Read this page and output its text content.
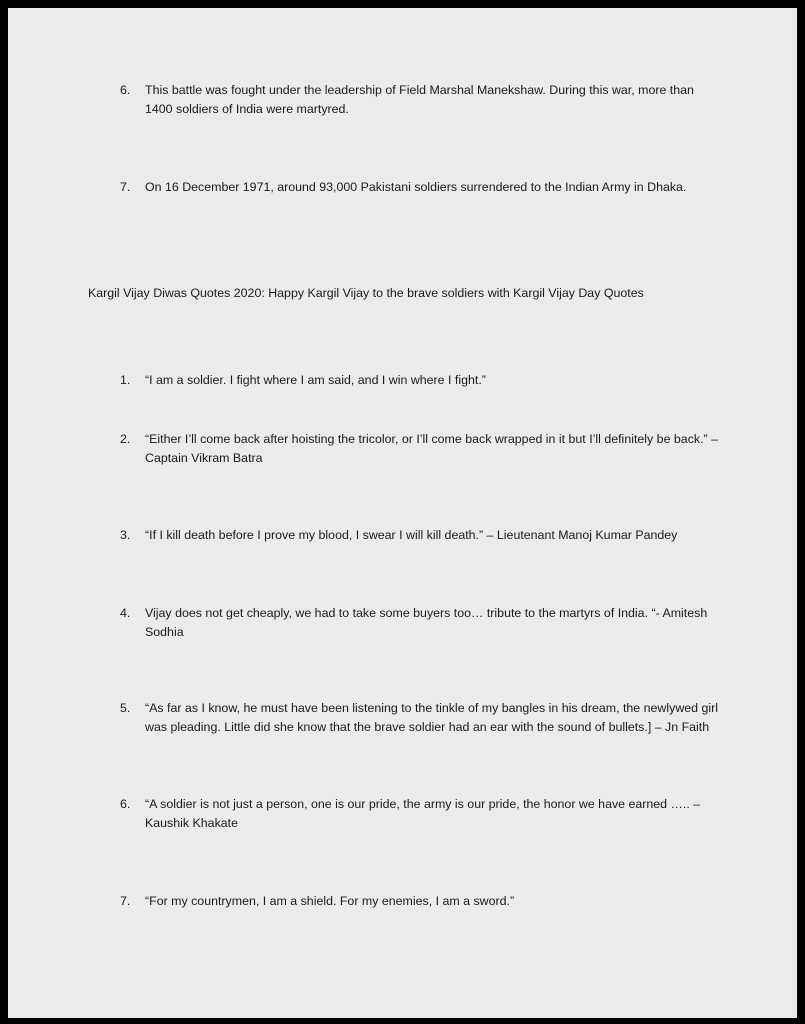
6.	This battle was fought under the leadership of Field Marshal Manekshaw. During this war, more than 1400 soldiers of India were martyred.
7.	On 16 December 1971, around 93,000 Pakistani soldiers surrendered to the Indian Army in Dhaka.
Kargil Vijay Diwas Quotes 2020: Happy Kargil Vijay to the brave soldiers with Kargil Vijay Day Quotes
1.	“I am a soldier. I fight where I am said, and I win where I fight.”
2.	“Either I’ll come back after hoisting the tricolor, or I’ll come back wrapped in it but I’ll definitely be back.” – Captain Vikram Batra
3.	“If I kill death before I prove my blood, I swear I will kill death.” – Lieutenant Manoj Kumar Pandey
4.	Vijay does not get cheaply, we had to take some buyers too… tribute to the martyrs of India. “- Amitesh Sodhia
5.	“As far as I know, he must have been listening to the tinkle of my bangles in his dream, the newlywed girl was pleading. Little did she know that the brave soldier had an ear with the sound of bullets.] – Jn Faith
6.	“A soldier is not just a person, one is our pride, the army is our pride, the honor we have earned ….. – Kaushik Khakate
7.	“For my countrymen, I am a shield. For my enemies, I am a sword.”
